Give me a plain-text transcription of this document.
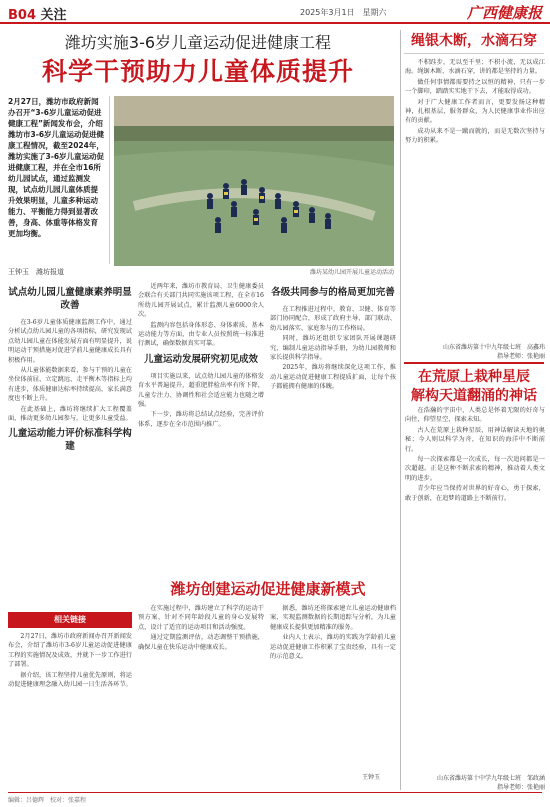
B04 关注	2025年3月1日　星期六	广西健康报
潍坊实施3-6岁儿童运动促进健康工程
科学干预助力儿童体质提升
2月27日，潍坊市政府新闻办召开“3-6岁儿童运动促进健康工程”新闻发布会，介绍潍坊市3-6岁儿童运动促进健康工程情况，截至2024年，潍坊实施了3-6岁儿童运动促进健康工程，并在全市16所幼儿园试点，通过监测发现，试点幼儿园儿童体质提升效果明显，儿童多种运动能力、平衡能力得到显著改善，身高、体重等体格发育更加均衡。
王钟玉　潍坊报道	潍坊某幼儿园开展儿童运动活动
试点幼儿园儿童健康素养明显改善

在3-6岁儿童体质健康监测工作中，通过分析试点幼儿园儿童的各项指标，研究发现试点幼儿园儿童在体能发展方面有明显提升，说明运动干预措施对促进学前儿童健康成长具有积极作用。

从儿童体能数据来看，参与干预的儿童在坐位体前屈、立定跳远、走平衡木等指标上均有进步，体质健康达标率持续提高，家长满意度也不断上升。

在此基础上，潍坊将继续扩大工程覆盖面，推动更多幼儿园参与，让更多儿童受益。

儿童运动能力评价标准科学构建

近两年来，潍坊市教育局、卫生健康委员会联合有关部门共同实施该项工程，在全市16所幼儿园开展试点，累计监测儿童6000余人次。

监测内容包括身体形态、身体素质、基本运动能力等方面，由专业人员按照统一标准进行测试，确保数据真实可靠。

儿童运动发展研究初见成效

项目实施以来，试点幼儿园儿童的体格发育水平普遍提升，超重肥胖检出率有所下降，儿童专注力、协调性和社会适应能力也随之增强。

下一步，潍坊将总结试点经验，完善评价体系，逐步在全市范围内推广。

各级共同参与的格局更加完善

在工程推进过程中，教育、卫健、体育等部门协同配合，形成了政府主导、部门联动、幼儿园落实、家庭参与的工作格局。

同时，潍坊还组织专家团队开展课题研究，编制儿童运动指导手册，为幼儿园教师和家长提供科学指导。

2025年，潍坊将继续深化这项工作，推动儿童运动促进健康工程提质扩面，让每个孩子都能拥有健康的体魄。

相关链接
潍坊创建运动促进健康新模式

2月27日，潍坊市政府新闻办召开新闻发布会，介绍了潍坊市3-6岁儿童运动促进健康工程的实施情况及成效，并就下一步工作进行了部署。

据介绍，该工程坚持儿童优先原则，将运动促进健康理念融入幼儿园一日生活各环节。

在实施过程中，潍坊建立了科学的运动干预方案，针对不同年龄段儿童的身心发展特点，设计了适宜的运动项目和活动强度。

通过定期监测评估，动态调整干预措施，确保儿童在快乐运动中健康成长。

据悉，潍坊还将探索建立儿童运动健康档案，实现监测数据的长期追踪与分析，为儿童健康成长提供更加精准的服务。

业内人士表示，潍坊的实践为学龄前儿童运动促进健康工作积累了宝贵经验，具有一定的示范意义。

王钟玉
绳银木断，水滴石穿

不积跬步，无以至千里；不积小流，无以成江海。绳锯木断、水滴石穿，讲的都是坚持的力量。

做任何事情都需要持之以恒的精神，只有一步一个脚印，踏踏实实地干下去，才能取得成功。

对于广大健康工作者而言，更要发扬这种精神，扎根基层，服务群众，为人民健康事业作出应有的贡献。

成功从来不是一蹴而就的，而是无数次坚持与努力的积累。

山东省潍坊第十中九年级七班　高鑫玮
指导老师：张艳丽
在荒原上栽种星辰
解构天道翻涌的神话

在浩瀚的宇宙中，人类总是怀着无限的好奇与向往，仰望星空，探索未知。

古人在荒原上栽种星辰，用神话解读天地的奥秘；今人则以科学为舟，在知识的海洋中不断前行。

每一次探索都是一次成长，每一次追问都是一次超越。正是这种不断求索的精神，推动着人类文明的进步。

青少年应当保持对世界的好奇心，勇于探索，敢于创新，在追梦的道路上不断前行。

山东省潍坊第十中学九年级七班　邹政涵
指导老师：张艳丽
编辑：吕德辉　校对：张嘉程
